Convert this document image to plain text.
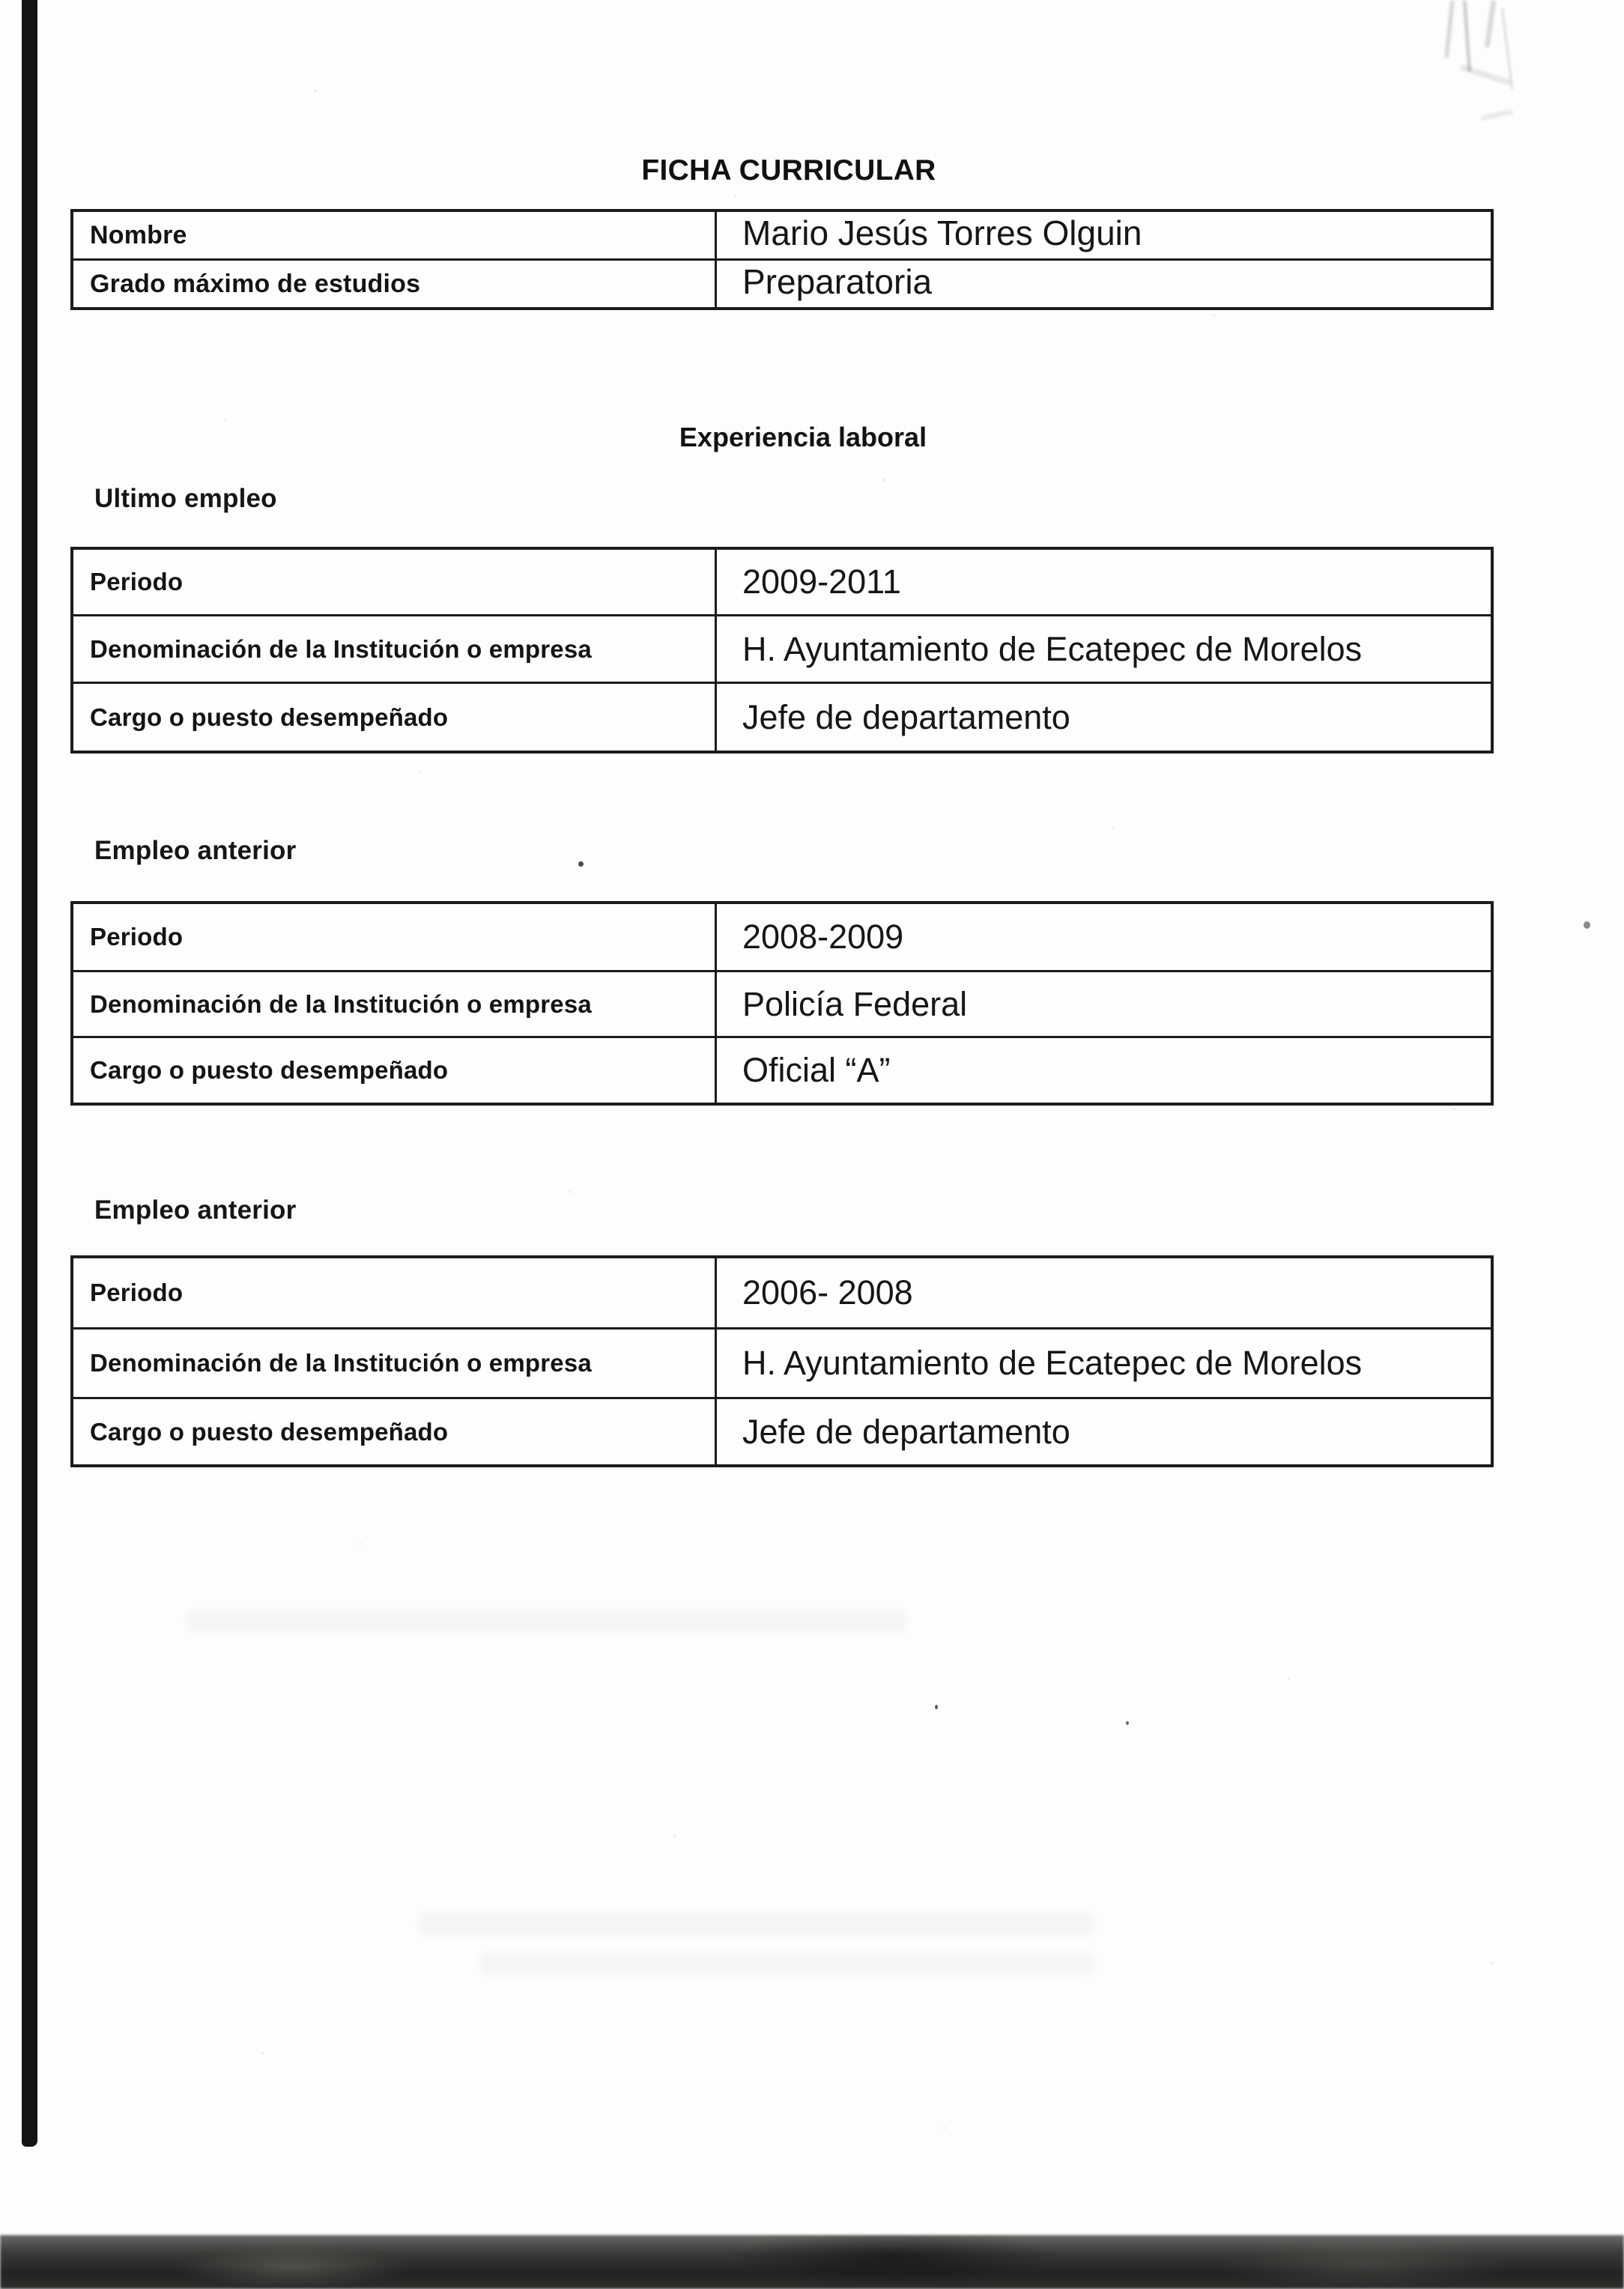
FICHA CURRICULAR
Nombre	Mario Jesús Torres Olguin
Grado máximo de estudios	Preparatoria
Experiencia laboral
Ultimo empleo
Periodo	2009-2011
Denominación de la Institución o empresa	H. Ayuntamiento de Ecatepec de Morelos
Cargo o puesto desempeñado	Jefe de departamento
Empleo anterior
Periodo	2008-2009
Denominación de la Institución o empresa	Policía Federal
Cargo o puesto desempeñado	Oficial “A”
Empleo anterior
Periodo	2006- 2008
Denominación de la Institución o empresa	H. Ayuntamiento de Ecatepec de Morelos
Cargo o puesto desempeñado	Jefe de departamento
